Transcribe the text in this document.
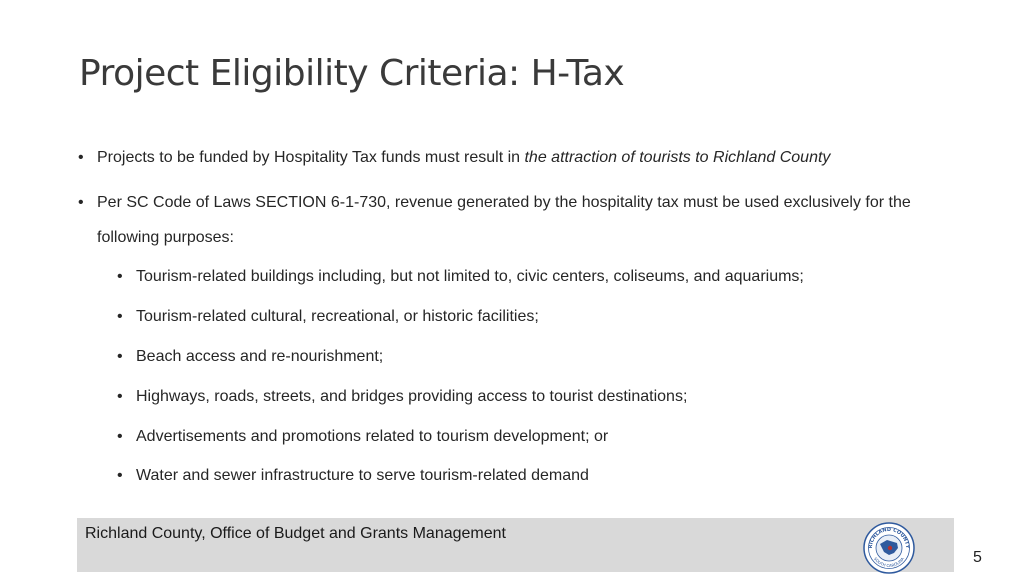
Project Eligibility Criteria: H-Tax
• Projects to be funded by Hospitality Tax funds must result in the attraction of tourists to Richland County
• Per SC Code of Laws SECTION 6-1-730, revenue generated by the hospitality tax must be used exclusively for the following purposes:
• Tourism-related buildings including, but not limited to, civic centers, coliseums, and aquariums;
• Tourism-related cultural, recreational, or historic facilities;
• Beach access and re-nourishment;
• Highways, roads, streets, and bridges providing access to tourist destinations;
• Advertisements and promotions related to tourism development; or
• Water and sewer infrastructure to serve tourism-related demand
Richland County, Office of Budget and Grants Management
RICHLAND COUNTY
SOUTH CAROLINA	5
